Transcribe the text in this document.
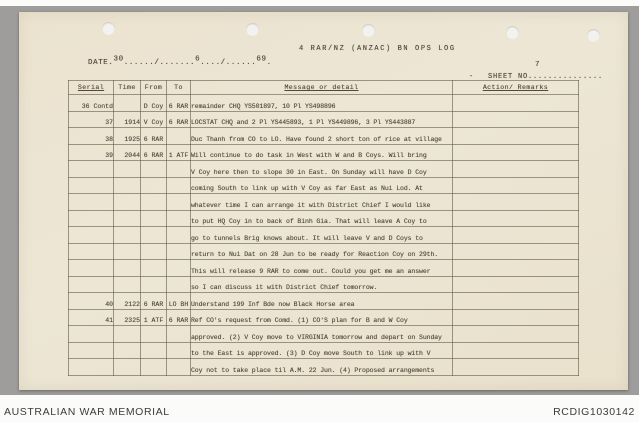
4 RAR/NZ (ANZAC) BN OPS LOG
DATE.30....../.......6..../......69.
- SHEET NO...............
7
Serial	Time	From	To	Message or detail	Action/ Remarks
36 Contd		D Coy	6 RAR	remainder CHQ YS501897, 10 Pl YS498896	
37	1914	V Coy	6 RAR	LOCSTAT CHQ and 2 Pl YS445893, 1 Pl YS449896, 3 Pl YS443887	
38	1925	6 RAR		Duc Thanh from CO to LO. Have found 2 short ton of rice at village	
39	2044	6 RAR	1 ATF	Will continue to do task in West with W and B Coys. Will bring	
				V Coy here then to slope 30 in East. On Sunday will have D Coy	
				coming South to link up with V Coy as far East as Nui Lod. At	
				whatever time I can arrange it with District Chief I would like	
				to put HQ Coy in to back of Binh Gia. That will leave A Coy to	
				go to tunnels Brig knows about. It will leave V and D Coys to	
				return to Nui Dat on 28 Jun to be ready for Reaction Coy on 29th.	
				This will release 9 RAR to come out. Could you get me an answer	
				so I can discuss it with District Chief tomorrow.	
40	2122	6 RAR	LO BH	Understand 199 Inf Bde now Black Horse area	
41	2325	1 ATF	6 RAR	Ref CO's request from Comd. (1) CO'S plan for B and W Coy	
				approved. (2) V Coy move to VIRGINIA tomorrow and depart on Sunday	
				to the East is approved. (3) D Coy move South to link up with V	
				Coy not to take place til A.M. 22 Jun. (4) Proposed arrangements	
AUSTRALIAN WAR MEMORIAL	RCDIG1030142
